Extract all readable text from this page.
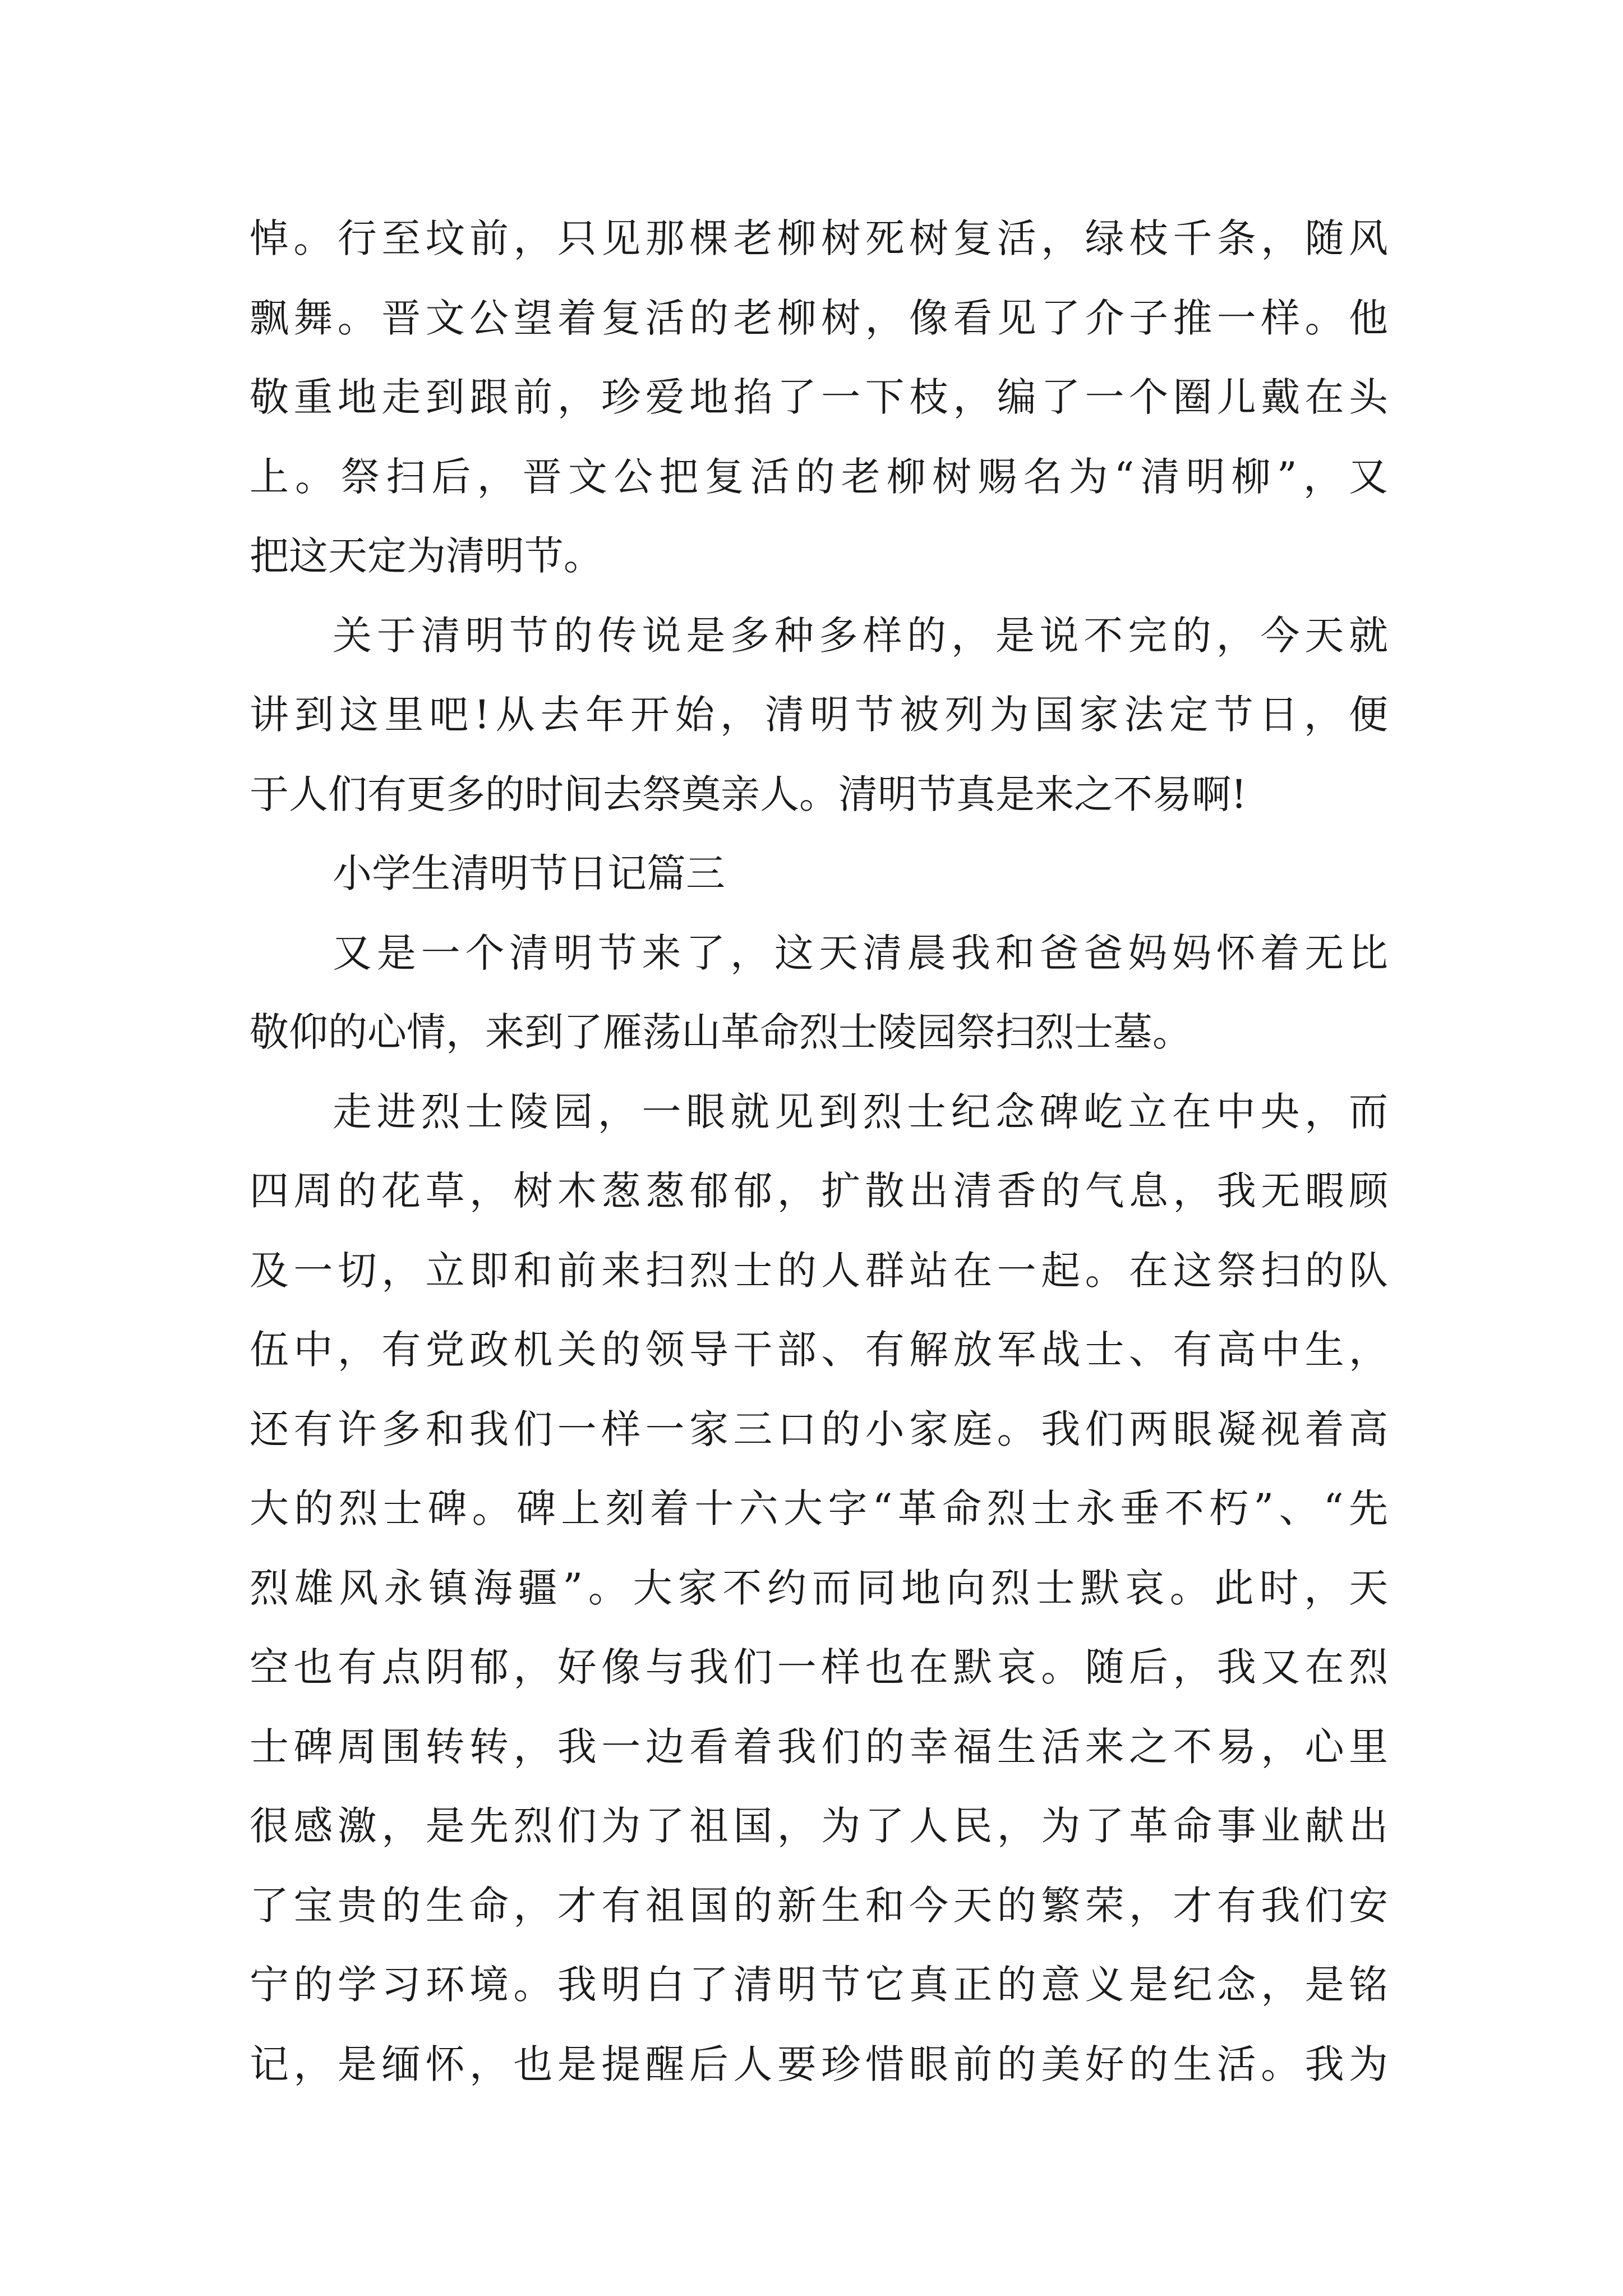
悼。行至坟前，只见那棵老柳树死树复活，绿枝千条，随风
飘舞。晋文公望着复活的老柳树，像看见了介子推一样。他
敬重地走到跟前，珍爱地掐了一下枝，编了一个圈儿戴在头
上。祭扫后，晋文公把复活的老柳树赐名为“清明柳”，又
把这天定为清明节。
关于清明节的传说是多种多样的，是说不完的，今天就
讲到这里吧!从去年开始，清明节被列为国家法定节日，便
于人们有更多的时间去祭奠亲人。清明节真是来之不易啊!
小学生清明节日记篇三
又是一个清明节来了，这天清晨我和爸爸妈妈怀着无比
敬仰的心情，来到了雁荡山革命烈士陵园祭扫烈士墓。
走进烈士陵园，一眼就见到烈士纪念碑屹立在中央，而
四周的花草，树木葱葱郁郁，扩散出清香的气息，我无暇顾
及一切，立即和前来扫烈士的人群站在一起。在这祭扫的队
伍中，有党政机关的领导干部、有解放军战士、有高中生，
还有许多和我们一样一家三口的小家庭。我们两眼凝视着高
大的烈士碑。碑上刻着十六大字“革命烈士永垂不朽”、“先
烈雄风永镇海疆”。大家不约而同地向烈士默哀。此时，天
空也有点阴郁，好像与我们一样也在默哀。随后，我又在烈
士碑周围转转，我一边看着我们的幸福生活来之不易，心里
很感激，是先烈们为了祖国，为了人民，为了革命事业献出
了宝贵的生命，才有祖国的新生和今天的繁荣，才有我们安
宁的学习环境。我明白了清明节它真正的意义是纪念，是铭
记，是缅怀，也是提醒后人要珍惜眼前的美好的生活。我为
